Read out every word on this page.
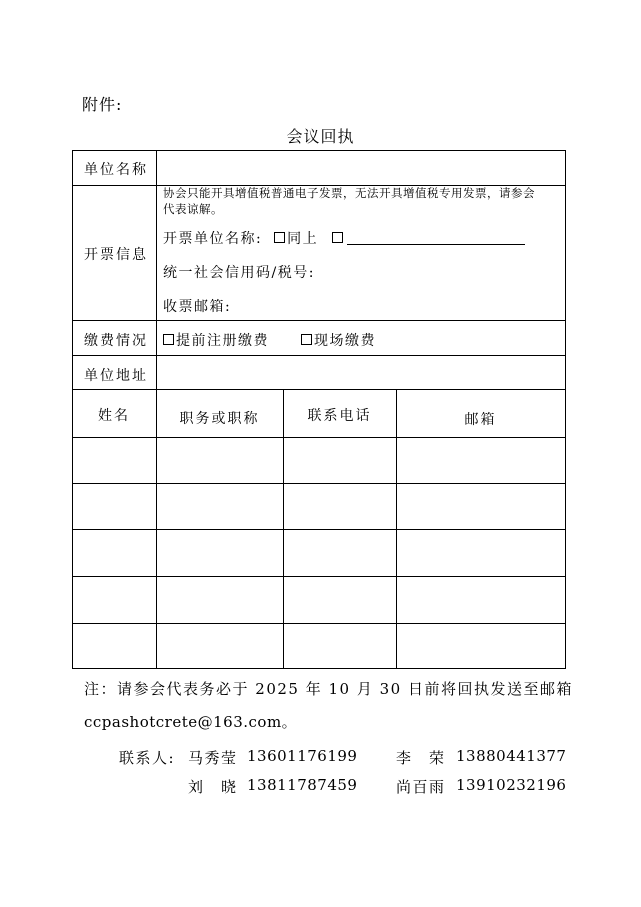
附件:
会议回执
单位名称
开票信息
协会只能开具增值税普通电子发票，无法开具增值税专用发票，请参会
代表谅解。
开票单位名称: 同上
统一社会信用码/税号:
收票邮箱:
缴费情况	提前注册缴费	现场缴费
单位地址
姓名	职务或职称	联系电话	邮箱
注：请参会代表务必于 2025 年 10 月 30 日前将回执发送至邮箱
ccpashotcrete@163.com。
联系人: 马秀莹 13601176199	李　荣 13880441377
刘　晓 13811787459	尚百雨 13910232196
